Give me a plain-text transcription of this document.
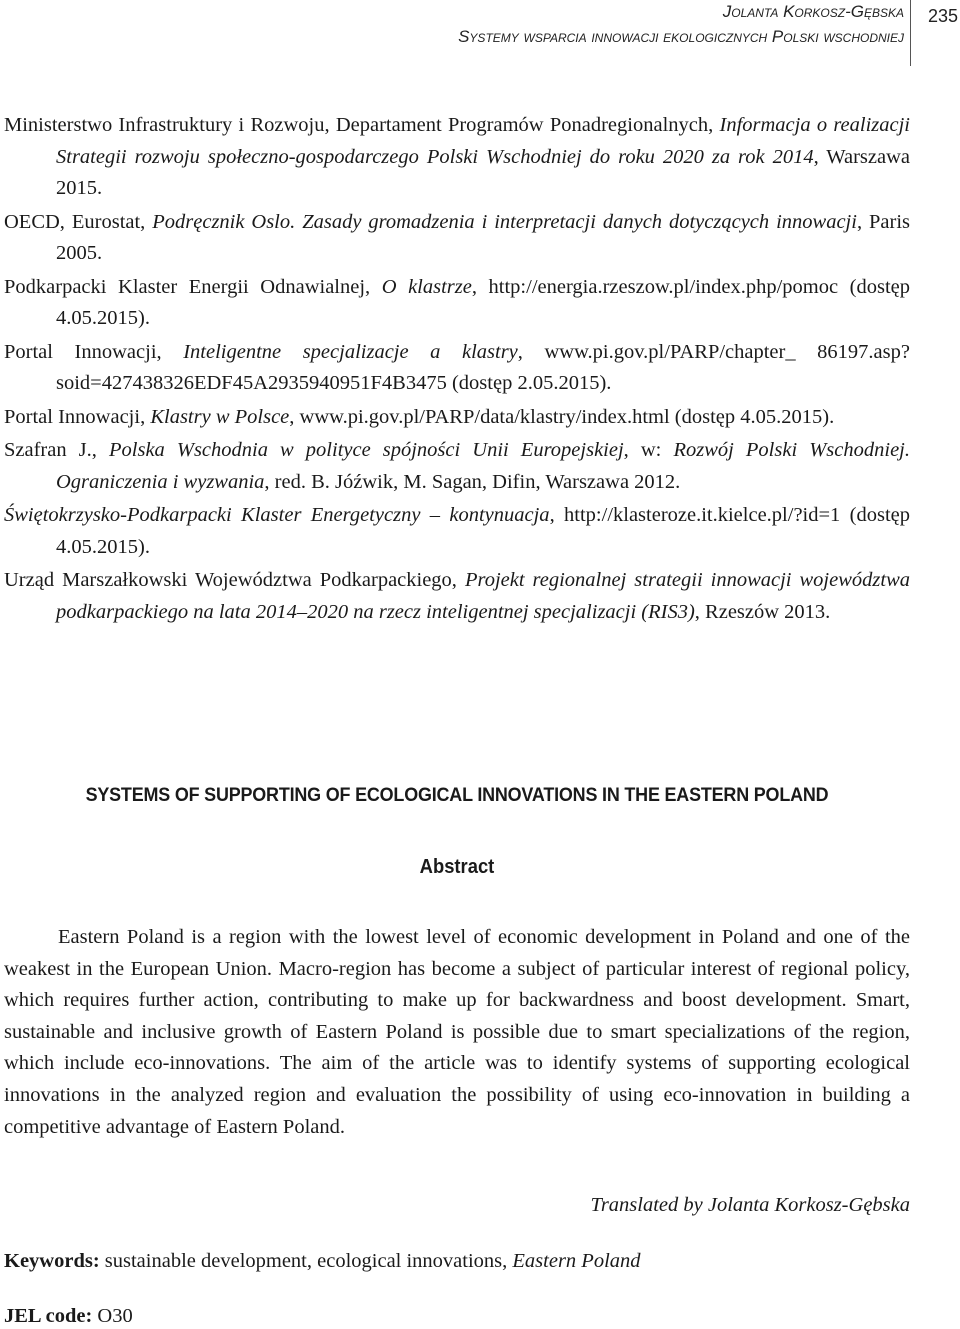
Jolanta Korkosz-Gębska
Systemy wsparcia innowacji ekologicznych Polski wschodniej
235

Ministerstwo Infrastruktury i Rozwoju, Departament Programów Ponadregionalnych, Informacja o realizacji Strategii rozwoju społeczno-gospodarczego Polski Wschodniej do roku 2020 za rok 2014, Warszawa 2015.

OECD, Eurostat, Podręcznik Oslo. Zasady gromadzenia i interpretacji danych dotyczących innowacji, Paris 2005.

Podkarpacki Klaster Energii Odnawialnej, O klastrze, http://energia.rzeszow.pl/index.php/pomoc (dostęp 4.05.2015).

Portal Innowacji, Inteligentne specjalizacje a klastry, www.pi.gov.pl/PARP/chapter_ 86197.asp?soid=427438326EDF45A2935940951F4B3475 (dostęp 2.05.2015).

Portal Innowacji, Klastry w Polsce, www.pi.gov.pl/PARP/data/klastry/index.html (dostęp 4.05.2015).

Szafran J., Polska Wschodnia w polityce spójności Unii Europejskiej, w: Rozwój Polski Wschodniej. Ograniczenia i wyzwania, red. B. Jóźwik, M. Sagan, Difin, Warszawa 2012.

Świętokrzysko-Podkarpacki Klaster Energetyczny – kontynuacja, http://klasteroze.it.kielce.pl/?id=1 (dostęp 4.05.2015).

Urząd Marszałkowski Województwa Podkarpackiego, Projekt regionalnej strategii innowacji województwa podkarpackiego na lata 2014–2020 na rzecz inteligentnej specjalizacji (RIS3), Rzeszów 2013.

SYSTEMS OF SUPPORTING OF ECOLOGICAL INNOVATIONS IN THE EASTERN POLAND
Abstract

Eastern Poland is a region with the lowest level of economic development in Poland and one of the weakest in the European Union. Macro-region has become a subject of particular interest of regional policy, which requires further action, contributing to make up for backwardness and boost development. Smart, sustainable and inclusive growth of Eastern Poland is possible due to smart specializations of the region, which include eco-innovations. The aim of the article was to identify systems of supporting ecological innovations in the analyzed region and evaluation the possibility of using eco-innovation in building a competitive advantage of Eastern Poland.

Translated by Jolanta Korkosz-Gębska
Keywords: sustainable development, ecological innovations, Eastern Poland
JEL code: O30
